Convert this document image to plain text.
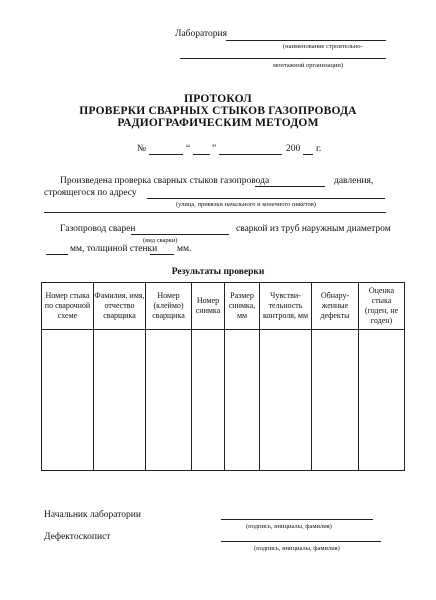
Лаборатория
(наименование строительно-
монтажной организации)
ПРОТОКОЛ
ПРОВЕРКИ СВАРНЫХ СТЫКОВ ГАЗОПРОВОДА
РАДИОГРАФИЧЕСКИМ МЕТОДОМ
№	“ ”	200 г.
Произведена проверка сварных стыков газопровода	давления,
строящегося по адресу
(улица, привязки начального и конечного пикетов)
Газопровод сварен	сваркой из труб наружным диаметром
(вид сварки)
мм, толщиной стенки мм.
Результаты проверки
Номер стыка по сварочной схеме	Фамилия, имя, отчество сварщика	Номер (клеймо) сварщика	Номер снимка	Размер снимка, мм	Чувстви-тельность контроля, мм	Обнару-женные дефекты	Оценка стыка (годен, не годен)

Начальник лаборатории
(подпись, инициалы, фамилия)
Дефектоскопист
(подпись, инициалы, фамилия)
